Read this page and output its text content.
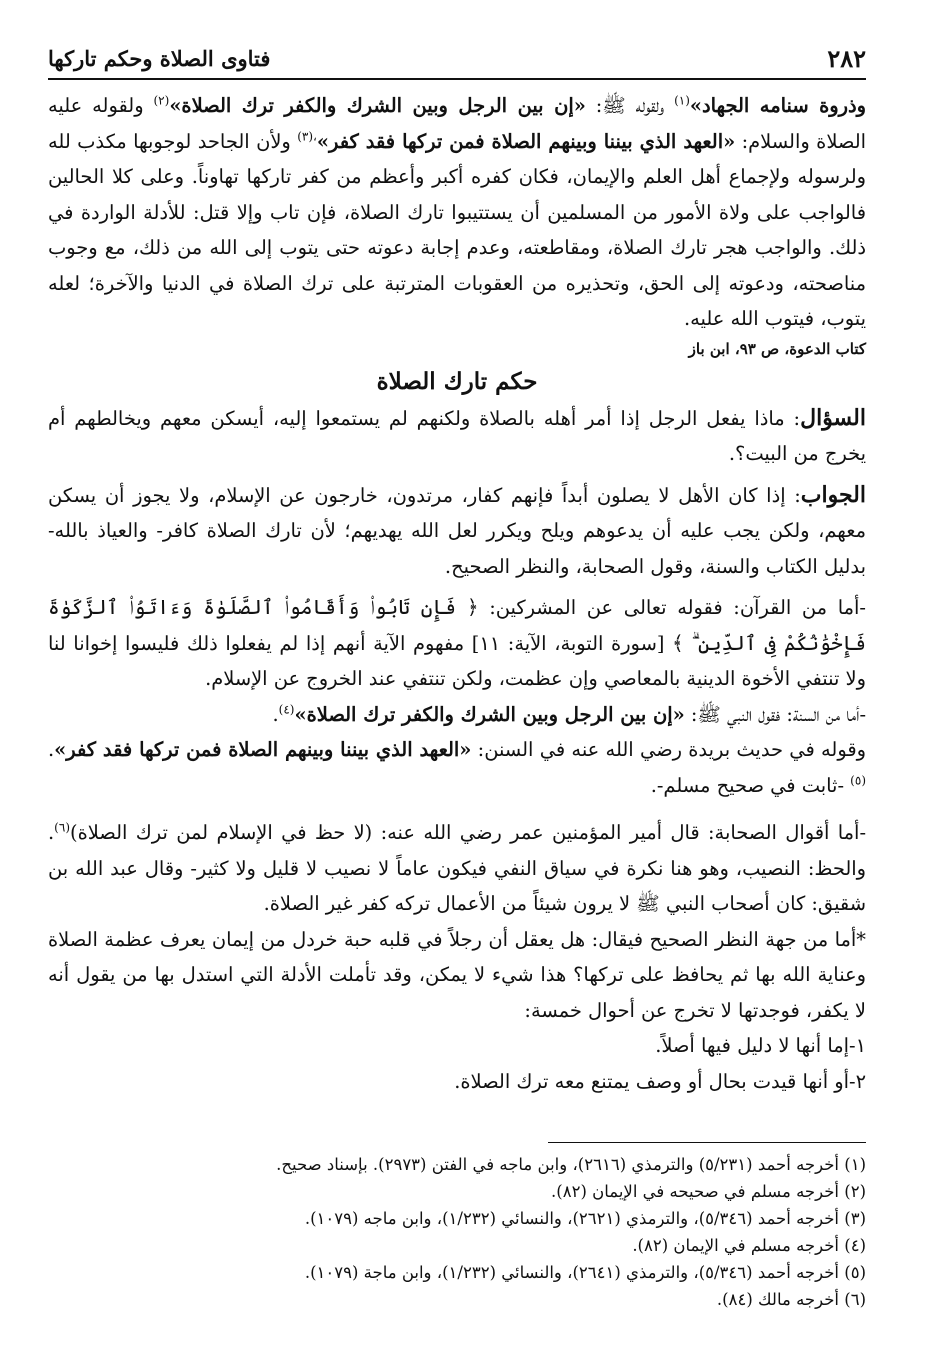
٢٨٢
فتاوى الصلاة وحكم تاركها

وذروة سنامه الجهاد»$^{(١)}$ ولقوله ﷺ: «إن بين الرجل وبين الشرك والكفر ترك الصلاة»$^{(٢)}$ ولقوله عليه الصلاة والسلام: «العهد الذي بيننا وبينهم الصلاة فمن تركها فقد كفر»$^{،(٣)}$ ولأن الجاحد لوجوبها مكذب لله ولرسوله ولإجماع أهل العلم والإيمان، فكان كفره أكبر وأعظم من كفر تاركها تهاوناً. وعلى كلا الحالين فالواجب على ولاة الأمور من المسلمين أن يستتيبوا تارك الصلاة، فإن تاب وإلا قتل: للأدلة الواردة في ذلك. والواجب هجر تارك الصلاة، ومقاطعته، وعدم إجابة دعوته حتى يتوب إلى الله من ذلك، مع وجوب مناصحته، ودعوته إلى الحق، وتحذيره من العقوبات المترتبة على ترك الصلاة في الدنيا والآخرة؛ لعله يتوب، فيتوب الله عليه.

كتاب الدعوة، ص ٩٣، ابن باز

حكم تارك الصلاة

السؤال: ماذا يفعل الرجل إذا أمر أهله بالصلاة ولكنهم لم يستمعوا إليه، أيسكن معهم ويخالطهم أم يخرج من البيت؟.

الجواب: إذا كان الأهل لا يصلون أبداً فإنهم كفار، مرتدون، خارجون عن الإسلام، ولا يجوز أن يسكن معهم، ولكن يجب عليه أن يدعوهم ويلح ويكرر لعل الله يهديهم؛ لأن تارك الصلاة كافر- والعياذ بالله- بدليل الكتاب والسنة، وقول الصحابة، والنظر الصحيح.

-أما من القرآن: فقوله تعالى عن المشركين: ﴿ فَإِن تَابُوا۟ وَأَقَامُوا۟ ٱلصَّلَوٰةَ وَءَاتَوُا۟ ٱلزَّكَوٰةَ فَإِخْوَٰنُكُمْ فِى ٱلدِّينِ ۗ ﴾ [سورة التوبة، الآية: ١١] مفهوم الآية أنهم إذا لم يفعلوا ذلك فليسوا إخوانا لنا ولا تنتفي الأخوة الدينية بالمعاصي وإن عظمت، ولكن تنتفي عند الخروج عن الإسلام.

-أما من السنة: فقول النبي ﷺ: «إن بين الرجل وبين الشرك والكفر ترك الصلاة»$^{(٤)}$.

وقوله في حديث بريدة رضي الله عنه في السنن: «العهد الذي بيننا وبينهم الصلاة فمن تركها فقد كفر».$^{(٥)}$ -ثابت في صحيح مسلم-.

-أما أقوال الصحابة: قال أمير المؤمنين عمر رضي الله عنه: (لا حظ في الإسلام لمن ترك الصلاة)$^{(٦)}$. والحظ: النصيب، وهو هنا نكرة في سياق النفي فيكون عاماً لا نصيب لا قليل ولا كثير- وقال عبد الله بن شقيق: كان أصحاب النبي ﷺ لا يرون شيئاً من الأعمال تركه كفر غير الصلاة.

*أما من جهة النظر الصحيح فيقال: هل يعقل أن رجلاً في قلبه حبة خردل من إيمان يعرف عظمة الصلاة وعناية الله بها ثم يحافظ على تركها؟ هذا شيء لا يمكن، وقد تأملت الأدلة التي استدل بها من يقول أنه لا يكفر، فوجدتها لا تخرج عن أحوال خمسة:

١-إما أنها لا دليل فيها أصلاً.

٢-أو أنها قيدت بحال أو وصف يمتنع معه ترك الصلاة.

(١) أخرجه أحمد (٥/٢٣١) والترمذي (٢٦١٦)، وابن ماجه في الفتن (٢٩٧٣). بإسناد صحيح.

(٢) أخرجه مسلم في صحيحه في الإيمان (٨٢).

(٣) أخرجه أحمد (٥/٣٤٦)، والترمذي (٢٦٢١)، والنسائي (١/٢٣٢)، وابن ماجه (١٠٧٩).

(٤) أخرجه مسلم في الإيمان (٨٢).

(٥) أخرجه أحمد (٥/٣٤٦)، والترمذي (٢٦٤١)، والنسائي (١/٢٣٢)، وابن ماجة (١٠٧٩).

(٦) أخرجه مالك (٨٤).
